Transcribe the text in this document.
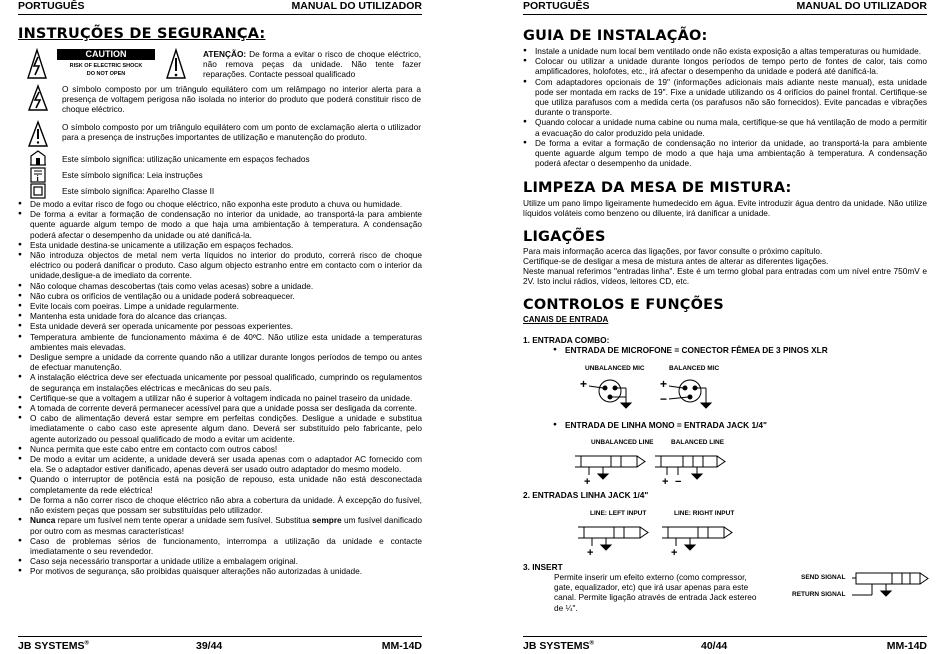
PORTUGUÊS	MANUAL DO UTILIZADOR
INSTRUÇÕES DE SEGURANÇA:
CAUTION
RISK OF ELECTRIC SHOCK
DO NOT OPEN
ATENÇÃO: De forma a evitar o risco de choque eléctrico, não remova peças da unidade. Não tente fazer reparações. Contacte pessoal qualificado
O símbolo composto por um triângulo equilátero com um relâmpago no interior alerta para a presença de voltagem perigosa não isolada no interior do produto que poderá constituir risco de choque eléctrico.
O símbolo composto por um triângulo equilátero com um ponto de exclamação alerta o utilizador para a presença de instruções importantes de utilização e manutenção do produto.
Este símbolo significa: utilização unicamente em espaços fechados
i	Este símbolo significa: Leia instruções
Este símbolo significa: Aparelho Classe II
● De modo a evitar risco de fogo ou choque eléctrico, não exponha este produto a chuva ou humidade.
● De forma a evitar a formação de condensação no interior da unidade, ao transportá-la para ambiente quente aguarde algum tempo de modo a que haja uma ambientação à temperatura. A condensação poderá afectar o desempenho da unidade ou até danificá-la.
● Esta unidade destina-se unicamente a utilização em espaços fechados.
● Não introduza objectos de metal nem verta líquidos no interior do produto, correrá risco de choque eléctrico ou poderá danificar o produto. Caso algum objecto estranho entre em contacto com o interior da unidade,desligue-a de imediato da corrente.
● Não coloque chamas descobertas (tais como velas acesas) sobre a unidade.
● Não cubra os orifícios de ventilação ou a unidade poderá sobreaquecer.
● Evite locais com poeiras. Limpe a unidade regularmente.
● Mantenha esta unidade fora do alcance das crianças.
● Esta unidade deverá ser operada unicamente por pessoas experientes.
● Temperatura ambiente de funcionamento máxima é de 40ºC. Não utilize esta unidade a temperaturas ambientes mais elevadas.
● Desligue sempre a unidade da corrente quando não a utilizar durante longos períodos de tempo ou antes de efectuar manutenção.
● A instalação eléctrica deve ser efectuada unicamente por pessoal qualificado, cumprindo os regulamentos de segurança em instalações eléctricas e mecânicas do seu país.
● Certifique-se que a voltagem a utilizar não é superior à voltagem indicada no painel traseiro da unidade.
● A tomada de corrente deverá permanecer acessível para que a unidade possa ser desligada da corrente.
● O cabo de alimentação deverá estar sempre em perfeitas condições. Desligue a unidade e substitua imediatamente o cabo caso este apresente algum dano. Deverá ser substituído pelo fabricante, pelo agente autorizado ou pessoal qualificado de modo a evitar um acidente.
● Nunca permita que este cabo entre em contacto com outros cabos!
● De modo a evitar um acidente, a unidade deverá ser usada apenas com o adaptador AC fornecido com ela. Se o adaptador estiver danificado, apenas deverá ser usado outro adaptador do mesmo modelo.
● Quando o interruptor de potência está na posição de repouso, esta unidade não está desconectada completamente da rede eléctrica!
● De forma a não correr risco de choque eléctrico não abra a cobertura da unidade. À excepção do fusível, não existem peças que possam ser substituídas pelo utilizador.
● Nunca repare um fusível nem tente operar a unidade sem fusível. Substitua sempre um fusível danificado por outro com as mesmas características!
● Caso de problemas sérios de funcionamento, interrompa a utilização da unidade e contacte imediatamente o seu revendedor.
● Caso seja necessário transportar a unidade utilize a embalagem original.
● Por motivos de segurança, são proibidas quaisquer alterações não autorizadas à unidade.
JB SYSTEMS®	39/44	MM-14D
PORTUGUÊS	MANUAL DO UTILIZADOR
GUIA DE INSTALAÇÃO:
● Instale a unidade num local bem ventilado onde não exista exposição a altas temperaturas ou humidade.
● Colocar ou utilizar a unidade durante longos períodos de tempo perto de fontes de calor, tais como amplificadores, holofotes, etc., irá afectar o desempenho da unidade e poderá até danificá-la.
● Com adaptadores opcionais de 19" (informações adicionais mais adiante neste manual), esta unidade pode ser montada em racks de 19". Fixe a unidade utilizando os 4 orifícios do painel frontal. Certifique-se que utiliza parafusos com a medida certa (os parafusos não são fornecidos). Evite pancadas e vibrações durante o transporte.
● Quando colocar a unidade numa cabine ou numa mala, certifique-se que há ventilação de modo a permitir a evacuação do calor produzido pela unidade.
● De forma a evitar a formação de condensação no interior da unidade, ao transportá-la para ambiente quente aguarde algum tempo de modo a que haja uma ambientação à temperatura. A condensação poderá afectar o desempenho da unidade.
LIMPEZA DA MESA DE MISTURA:
Utilize um pano limpo ligeiramente humedecido em água. Evite introduzir água dentro da unidade. Não utilize líquidos voláteis como benzeno ou diluente, irá danificar a unidade.
LIGAÇÕES
Para mais informação acerca das ligações, por favor consulte o próximo capítulo.
Certifique-se de desligar a mesa de mistura antes de alterar as diferentes ligações.
Neste manual referimos "entradas linha". Este é um termo global para entradas com um nível entre 750mV e 2V. Isto inclui rádios, vídeos, leitores CD, etc.
CONTROLOS E FUNÇÕES
CANAIS DE ENTRADA
1. ENTRADA COMBO:
● ENTRADA DE MICROFONE = CONECTOR FÊMEA DE 3 PINOS XLR
UNBALANCED MIC	BALANCED MIC
+	+
−
● ENTRADA DE LINHA MONO = ENTRADA JACK 1/4"
UNBALANCED LINE	BALANCED LINE
+	+ −
2. ENTRADAS LINHA JACK 1/4"
LINE: LEFT INPUT	LINE: RIGHT INPUT
+	+
3. INSERT
Permite inserir um efeito externo (como compressor, gate, equalizador, etc) que irá usar apenas para este canal. Permite ligação através de entrada Jack estereo de ¼".
SEND SIGNAL
RETURN SIGNAL
JB SYSTEMS®	40/44	MM-14D
